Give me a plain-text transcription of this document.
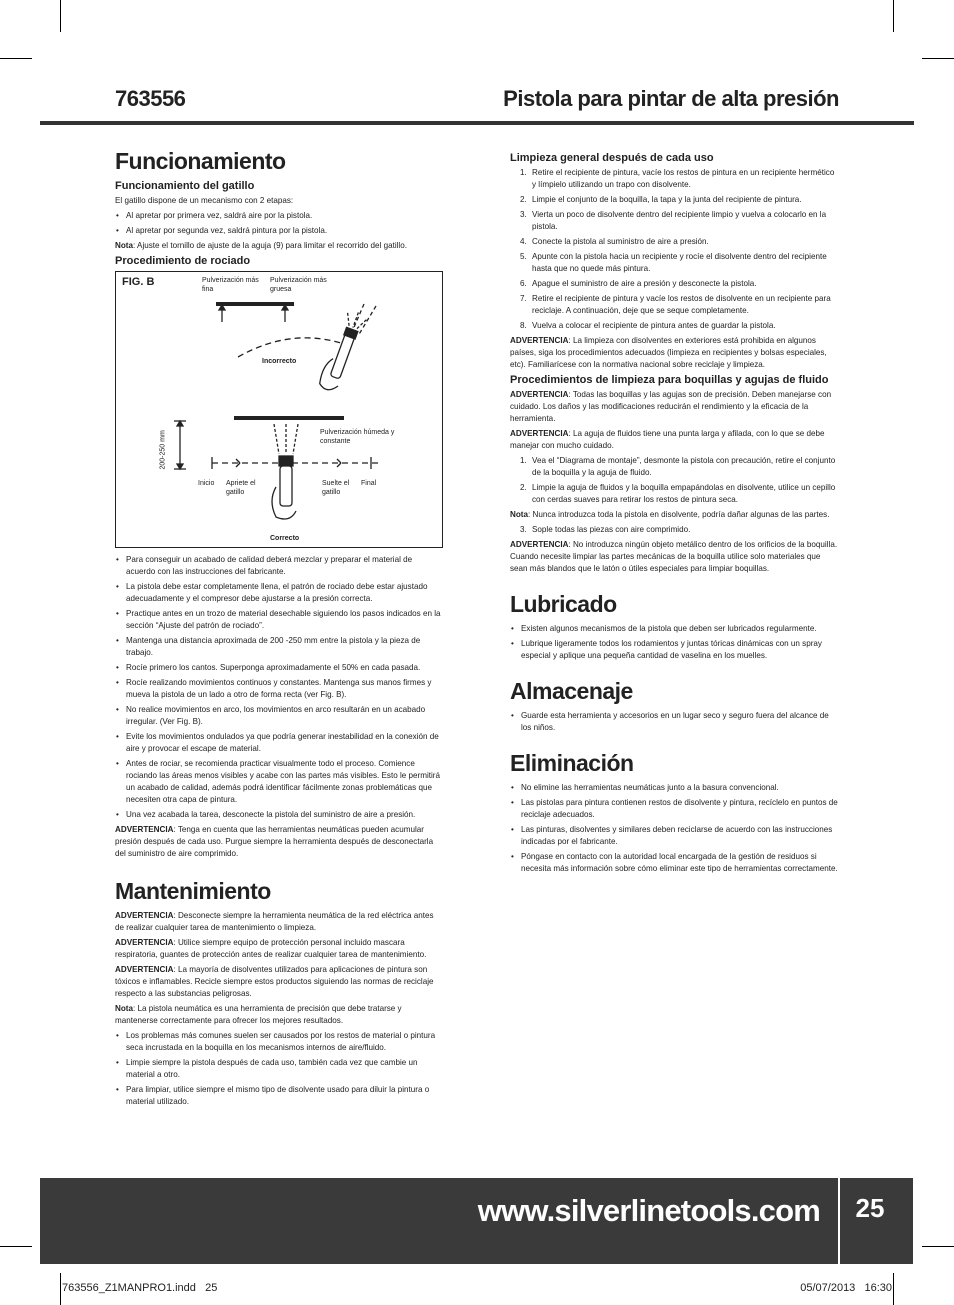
763556	Pistola para pintar de alta presión
Funcionamiento
Funcionamiento del gatillo

El gatillo dispone de un mecanismo con 2 etapas:

• Al apretar por primera vez, saldrá aire por la pistola.
• Al apretar por segunda vez, saldrá pintura por la pistola.

Nota: Ajuste el tornillo de ajuste de la aguja (9) para limitar el recorrido del gatillo.

Procedimiento de rociado
FIG. B	Pulverización más fina
Pulverización más gruesa
Incorrecto
200-250 mm	Pulverización húmeda y constante
Inicio Apriete el gatillo
Suelte el gatillo
Final
Correcto
• Para conseguir un acabado de calidad deberá mezclar y preparar el material de acuerdo con las instrucciones del fabricante.
• La pistola debe estar completamente llena, el patrón de rociado debe estar ajustado adecuadamente y el compresor debe ajustarse a la presión correcta.
• Practique antes en un trozo de material desechable siguiendo los pasos indicados en la sección “Ajuste del patrón de rociado”.
• Mantenga una distancia aproximada de 200 -250 mm entre la pistola y la pieza de trabajo.
• Rocíe primero los cantos. Superponga aproximadamente el 50% en cada pasada.
• Rocíe realizando movimientos continuos y constantes. Mantenga sus manos firmes y mueva la pistola de un lado a otro de forma recta (ver Fig. B).
• No realice movimientos en arco, los movimientos en arco resultarán en un acabado irregular. (Ver Fig. B).
• Evite los movimientos ondulados ya que podría generar inestabilidad en la conexión de aire y provocar el escape de material.
• Antes de rociar, se recomienda practicar visualmente todo el proceso. Comience rociando las áreas menos visibles y acabe con las partes más visibles. Esto le permitirá un acabado de calidad, además podrá identificar fácilmente zonas problemáticas que necesiten otra capa de pintura.
• Una vez acabada la tarea, desconecte la pistola del suministro de aire a presión.

ADVERTENCIA: Tenga en cuenta que las herramientas neumáticas pueden acumular presión después de cada uso. Purgue siempre la herramienta después de desconectarla del suministro de aire comprimido.

Mantenimiento

ADVERTENCIA: Desconecte siempre la herramienta neumática de la red eléctrica antes de realizar cualquier tarea de mantenimiento o limpieza.

ADVERTENCIA: Utilice siempre equipo de protección personal incluido mascara respiratoria, guantes de protección antes de realizar cualquier tarea de mantenimiento.

ADVERTENCIA: La mayoría de disolventes utilizados para aplicaciones de pintura son tóxicos e inflamables. Recicle siempre estos productos siguiendo las normas de reciclaje respecto a las substancias peligrosas.

Nota: La pistola neumática es una herramienta de precisión que debe tratarse y mantenerse correctamente para ofrecer los mejores resultados.

• Los problemas más comunes suelen ser causados por los restos de material o pintura seca incrustada en la boquilla en los mecanismos internos de aire/fluido.
• Limpie siempre la pistola después de cada uso, también cada vez que cambie un material a otro.
• Para limpiar, utilice siempre el mismo tipo de disolvente usado para diluir la pintura o material utilizado.
Limpieza general después de cada uso
1. Retire el recipiente de pintura, vacíe los restos de pintura en un recipiente hermético y límpielo utilizando un trapo con disolvente.
2. Limpie el conjunto de la boquilla, la tapa y la junta del recipiente de pintura.
3. Vierta un poco de disolvente dentro del recipiente limpio y vuelva a colocarlo en la pistola.
4. Conecte la pistola al suministro de aire a presión.
5. Apunte con la pistola hacia un recipiente y rocíe el disolvente dentro del recipiente hasta que no quede más pintura.
6. Apague el suministro de aire a presión y desconecte la pistola.
7. Retire el recipiente de pintura y vacíe los restos de disolvente en un recipiente para reciclaje. A continuación, deje que se seque completamente.
8. Vuelva a colocar el recipiente de pintura antes de guardar la pistola.

ADVERTENCIA: La limpieza con disolventes en exteriores está prohibida en algunos países, siga los procedimientos adecuados (limpieza en recipientes y bolsas especiales, etc). Familiarícese con la normativa nacional sobre reciclaje y limpieza.

Procedimientos de limpieza para boquillas y agujas de fluido

ADVERTENCIA: Todas las boquillas y las agujas son de precisión. Deben manejarse con cuidado. Los daños y las modificaciones reducirán el rendimiento y la eficacia de la herramienta.

ADVERTENCIA: La aguja de fluidos tiene una punta larga y afilada, con lo que se debe manejar con mucho cuidado.

1. Vea el “Diagrama de montaje”, desmonte la pistola con precaución, retire el conjunto de la boquilla y la aguja de fluido.
2. Limpie la aguja de fluidos y la boquilla empapándolas en disolvente, utilice un cepillo con cerdas suaves para retirar los restos de pintura seca.

Nota: Nunca introduzca toda la pistola en disolvente, podría dañar algunas de las partes.

3. Sople todas las piezas con aire comprimido.

ADVERTENCIA: No introduzca ningún objeto metálico dentro de los orificios de la boquilla. Cuando necesite limpiar las partes mecánicas de la boquilla utilice solo materiales que sean más blandos que le latón o útiles especiales para limpiar boquillas.

Lubricado
• Existen algunos mecanismos de la pistola que deben ser lubricados regularmente.
• Lubrique ligeramente todos los rodamientos y juntas tóricas dinámicas con un spray especial y aplique una pequeña cantidad de vaselina en los muelles.
Almacenaje
• Guarde esta herramienta y accesorios en un lugar seco y seguro fuera del alcance de los niños.
Eliminación
• No elimine las herramientas neumáticas junto a la basura convencional.
• Las pistolas para pintura contienen restos de disolvente y pintura, recíclelo en puntos de reciclaje adecuados.
• Las pinturas, disolventes y similares deben reciclarse de acuerdo con las instrucciones indicadas por el fabricante.
• Póngase en contacto con la autoridad local encargada de la gestión de residuos si necesita más información sobre cómo eliminar este tipo de herramientas correctamente.
www.silverlinetools.com	25
763556_Z1MANPRO1.indd   25	05/07/2013   16:30
